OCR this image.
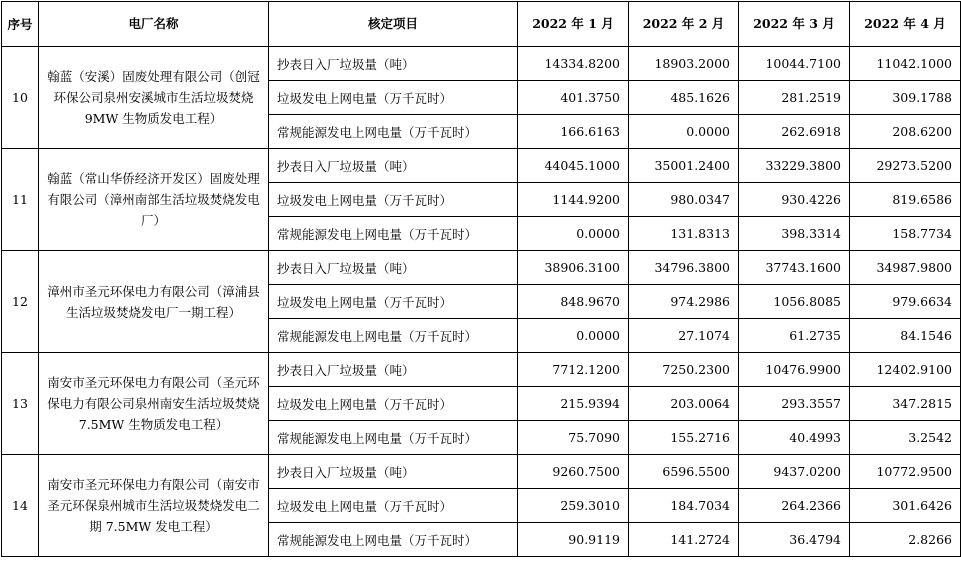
序号	电厂名称	核定项目	2022 年 1 月	2022 年 2 月	2022 年 3 月	2022 年 4 月
10	翰蓝（安溪）固废处理有限公司（创冠环保公司泉州安溪城市生活垃圾焚烧 9MW 生物质发电工程）	抄表日入厂垃圾量（吨）	14334.8200	18903.2000	10044.7100	11042.1000
		垃圾发电上网电量（万千瓦时）	401.3750	485.1626	281.2519	309.1788
		常规能源发电上网电量（万千瓦时）	166.6163	0.0000	262.6918	208.6200
11	翰蓝（常山华侨经济开发区）固废处理有限公司（漳州南部生活垃圾焚烧发电厂）	抄表日入厂垃圾量（吨）	44045.1000	35001.2400	33229.3800	29273.5200
		垃圾发电上网电量（万千瓦时）	1144.9200	980.0347	930.4226	819.6586
		常规能源发电上网电量（万千瓦时）	0.0000	131.8313	398.3314	158.7734
12	漳州市圣元环保电力有限公司（漳浦县生活垃圾焚烧发电厂一期工程）	抄表日入厂垃圾量（吨）	38906.3100	34796.3800	37743.1600	34987.9800
		垃圾发电上网电量（万千瓦时）	848.9670	974.2986	1056.8085	979.6634
		常规能源发电上网电量（万千瓦时）	0.0000	27.1074	61.2735	84.1546
13	南安市圣元环保电力有限公司（圣元环保电力有限公司泉州南安生活垃圾焚烧 7.5MW 生物质发电工程）	抄表日入厂垃圾量（吨）	7712.1200	7250.2300	10476.9900	12402.9100
		垃圾发电上网电量（万千瓦时）	215.9394	203.0064	293.3557	347.2815
		常规能源发电上网电量（万千瓦时）	75.7090	155.2716	40.4993	3.2542
14	南安市圣元环保电力有限公司（南安市圣元环保泉州城市生活垃圾焚烧发电二期 7.5MW 发电工程）	抄表日入厂垃圾量（吨）	9260.7500	6596.5500	9437.0200	10772.9500
		垃圾发电上网电量（万千瓦时）	259.3010	184.7034	264.2366	301.6426
		常规能源发电上网电量（万千瓦时）	90.9119	141.2724	36.4794	2.8266
